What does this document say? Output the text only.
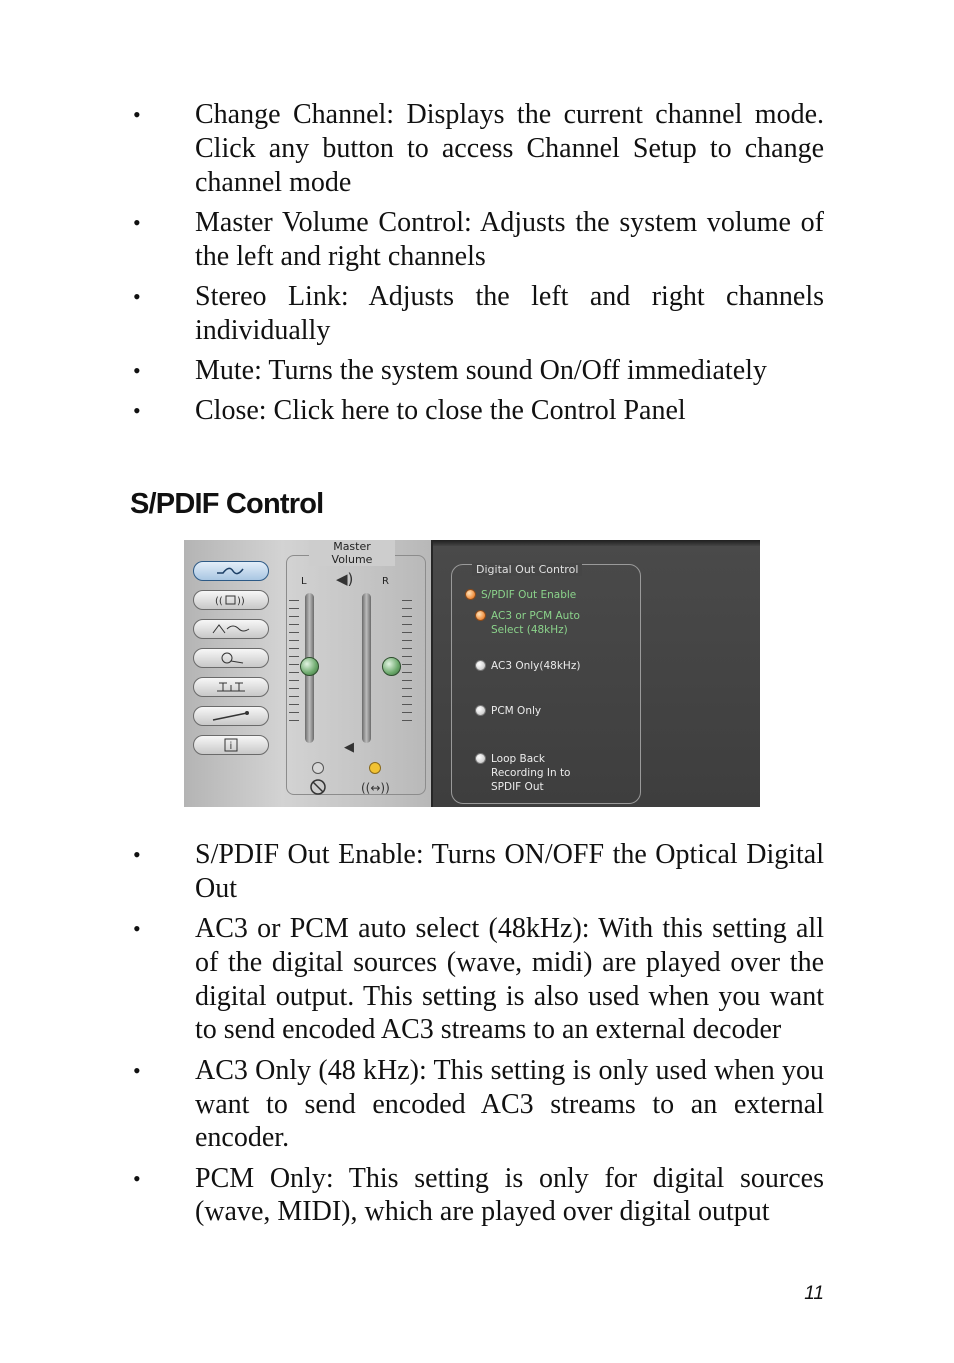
• Change Channel: Displays the current channel mode. Click any button to access Channel Setup to change channel mode
• Master Volume Control: Adjusts the system volume of the left and right channels
• Stereo Link: Adjusts the left and right channels individually
• Mute: Turns the system sound On/Off immediately
• Close: Click here to close the Control Panel
S/PDIF Control
(( ))
i
Master
Volume
L	R
◀)
◀
((↔))
Digital Out Control
S/PDIF Out Enable
AC3 or PCM Auto
Select (48kHz)
AC3 Only(48kHz)
PCM Only
Loop Back
Recording In to
SPDIF Out
• S/PDIF Out Enable: Turns ON/OFF the Optical Digital Out
• AC3 or PCM auto select (48kHz): With this setting all of the digital sources (wave, midi) are played over the digital output. This setting is also used when you want to send encoded AC3 streams to an external decoder
• AC3 Only (48 kHz): This setting is only used when you want to send encoded AC3 streams to an external encoder.
• PCM Only: This setting is only for digital sources (wave, MIDI), which are played over digital output
11
